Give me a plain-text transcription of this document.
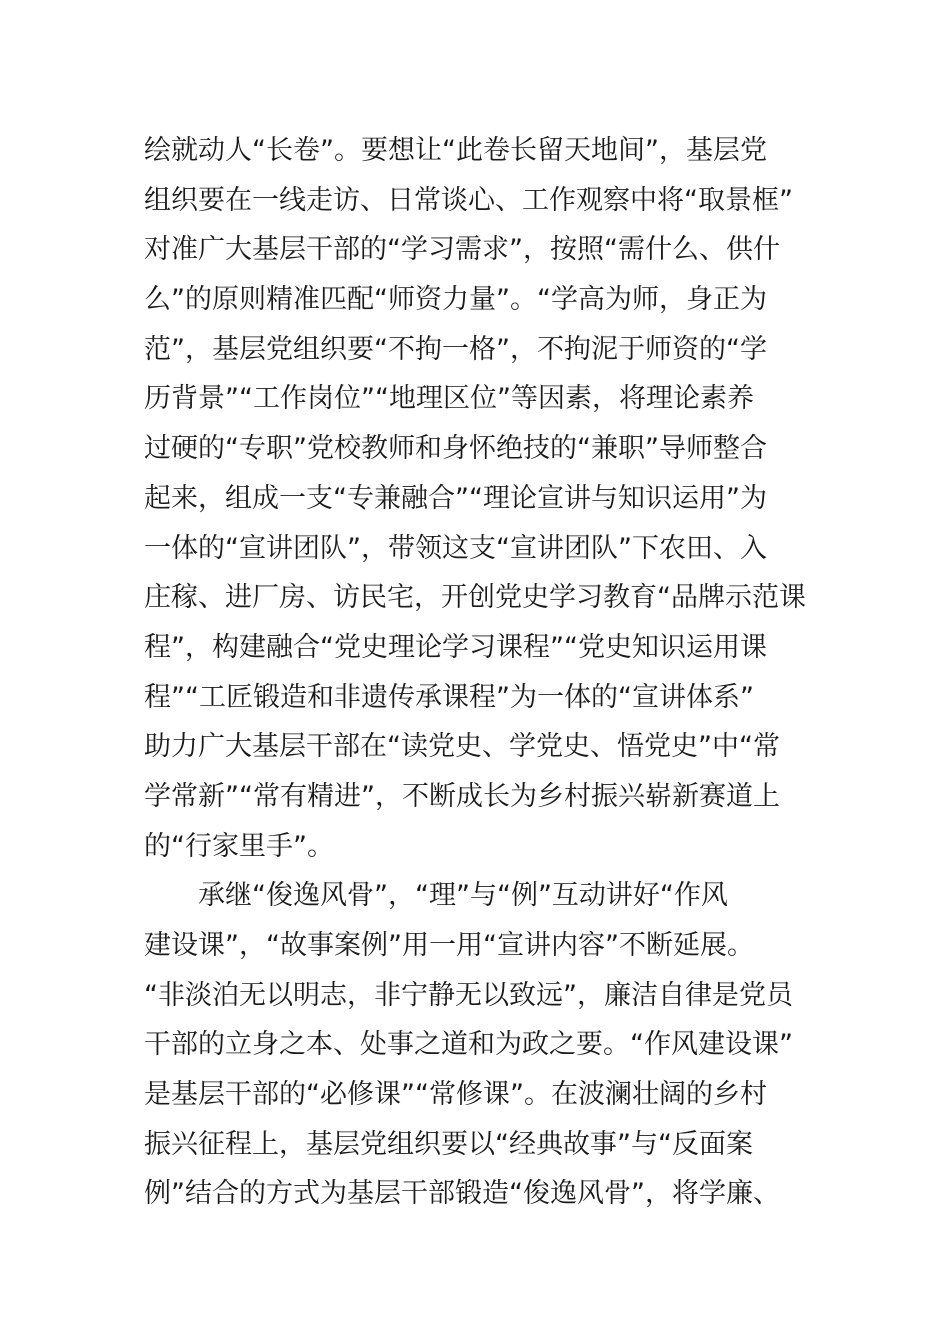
绘就动人“长卷”。要想让“此卷长留天地间”，基层党
组织要在一线走访、日常谈心、工作观察中将“取景框”
对准广大基层干部的“学习需求”，按照“需什么、供什
么”的原则精准匹配“师资力量”。“学高为师，身正为
范”，基层党组织要“不拘一格”，不拘泥于师资的“学
历背景”“工作岗位”“地理区位”等因素，将理论素养
过硬的“专职”党校教师和身怀绝技的“兼职”导师整合
起来，组成一支“专兼融合”“理论宣讲与知识运用”为
一体的“宣讲团队”，带领这支“宣讲团队”下农田、入
庄稼、进厂房、访民宅，开创党史学习教育“品牌示范课
程”，构建融合“党史理论学习课程”“党史知识运用课
程”“工匠锻造和非遗传承课程”为一体的“宣讲体系”
助力广大基层干部在“读党史、学党史、悟党史”中“常
学常新”“常有精进”，不断成长为乡村振兴崭新赛道上
的“行家里手”。
承继“俊逸风骨”，“理”与“例”互动讲好“作风
建设课”，“故事案例”用一用“宣讲内容”不断延展。
“非淡泊无以明志，非宁静无以致远”，廉洁自律是党员
干部的立身之本、处事之道和为政之要。“作风建设课”
是基层干部的“必修课”“常修课”。在波澜壮阔的乡村
振兴征程上，基层党组织要以“经典故事”与“反面案
例”结合的方式为基层干部锻造“俊逸风骨”，将学廉、
